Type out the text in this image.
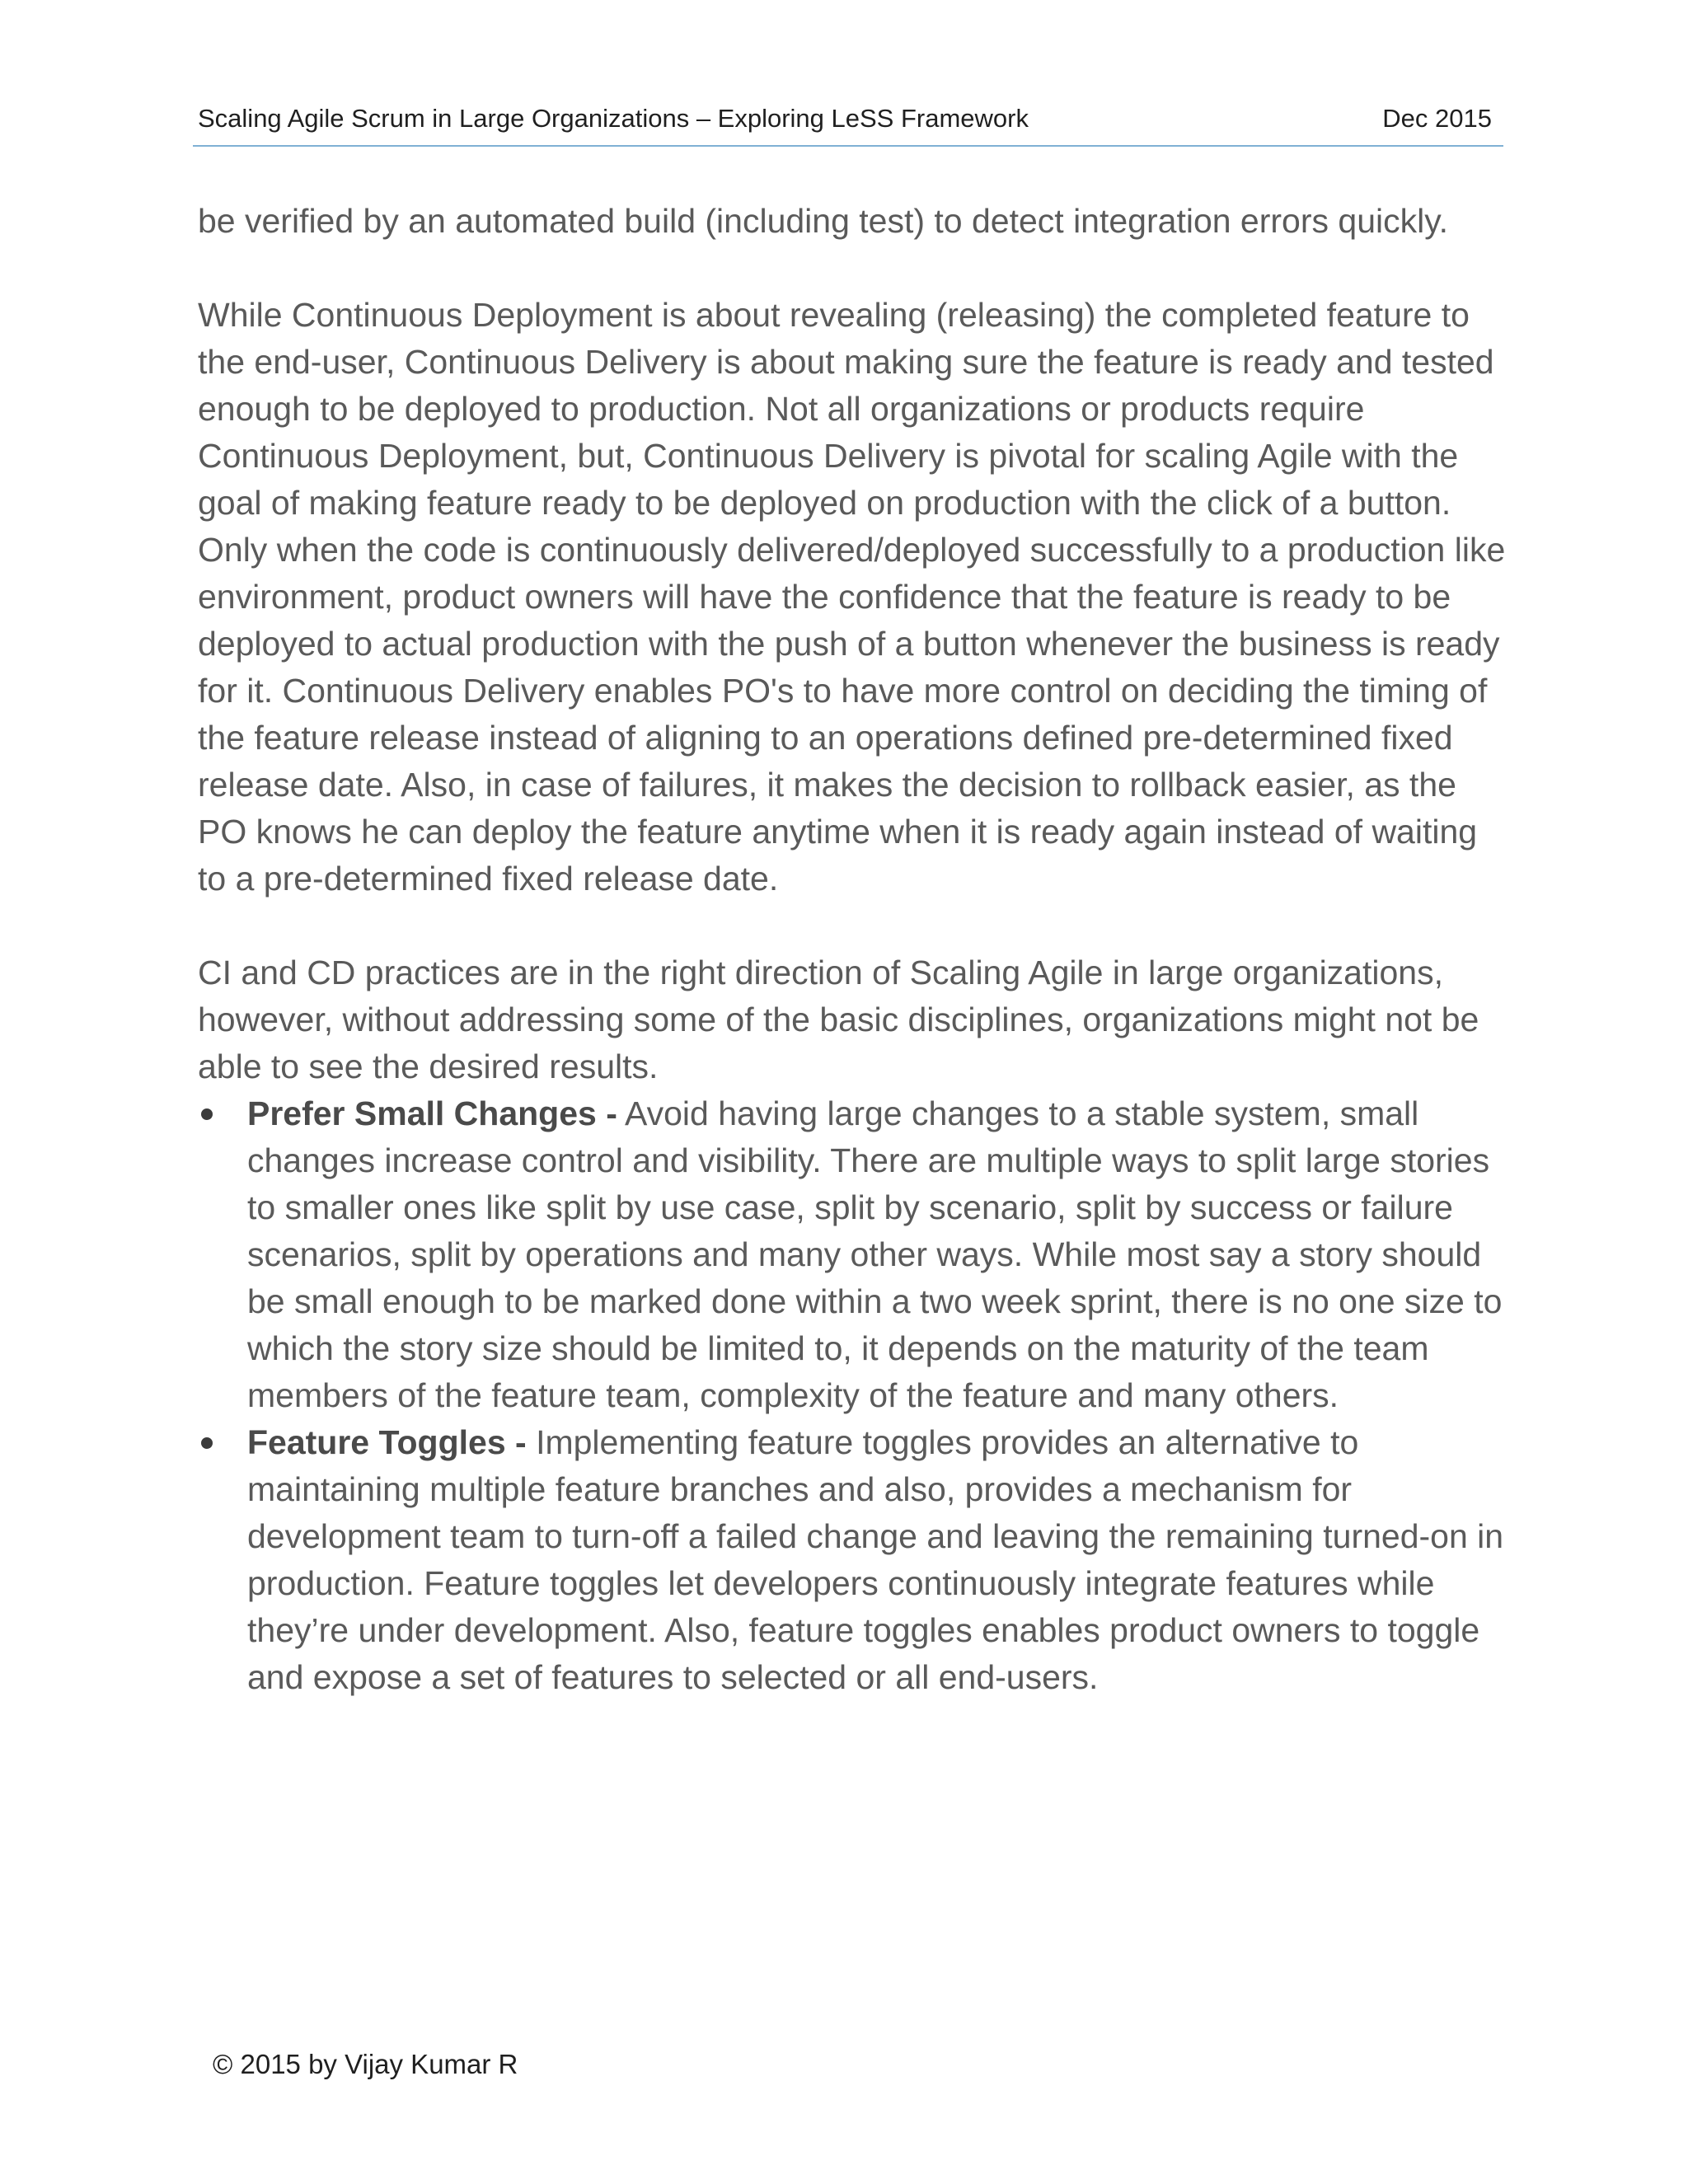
Scaling Agile Scrum in Large Organizations – Exploring LeSS Framework	Dec 2015

be verified by an automated build (including test) to detect integration errors quickly.

While Continuous Deployment is about revealing (releasing) the completed feature to the end-user, Continuous Delivery is about making sure the feature is ready and tested enough to be deployed to production. Not all organizations or products require Continuous Deployment, but, Continuous Delivery is pivotal for scaling Agile with the goal of making feature ready to be deployed on production with the click of a button. Only when the code is continuously delivered/deployed successfully to a production like environment, product owners will have the confidence that the feature is ready to be deployed to actual production with the push of a button whenever the business is ready for it. Continuous Delivery enables PO's to have more control on deciding the timing of the feature release instead of aligning to an operations defined pre-determined fixed release date. Also, in case of failures, it makes the decision to rollback easier, as the PO knows he can deploy the feature anytime when it is ready again instead of waiting to a pre-determined fixed release date.

CI and CD practices are in the right direction of Scaling Agile in large organizations, however, without addressing some of the basic disciplines, organizations might not be able to see the desired results.

Prefer Small Changes - Avoid having large changes to a stable system, small changes increase control and visibility. There are multiple ways to split large stories to smaller ones like split by use case, split by scenario, split by success or failure scenarios, split by operations and many other ways. While most say a story should be small enough to be marked done within a two week sprint, there is no one size to which the story size should be limited to, it depends on the maturity of the team members of the feature team, complexity of the feature and many others.
Feature Toggles - Implementing feature toggles provides an alternative to maintaining multiple feature branches and also, provides a mechanism for development team to turn-off a failed change and leaving the remaining turned-on in production. Feature toggles let developers continuously integrate features while they’re under development. Also, feature toggles enables product owners to toggle and expose a set of features to selected or all end-users.
© 2015 by Vijay Kumar R
